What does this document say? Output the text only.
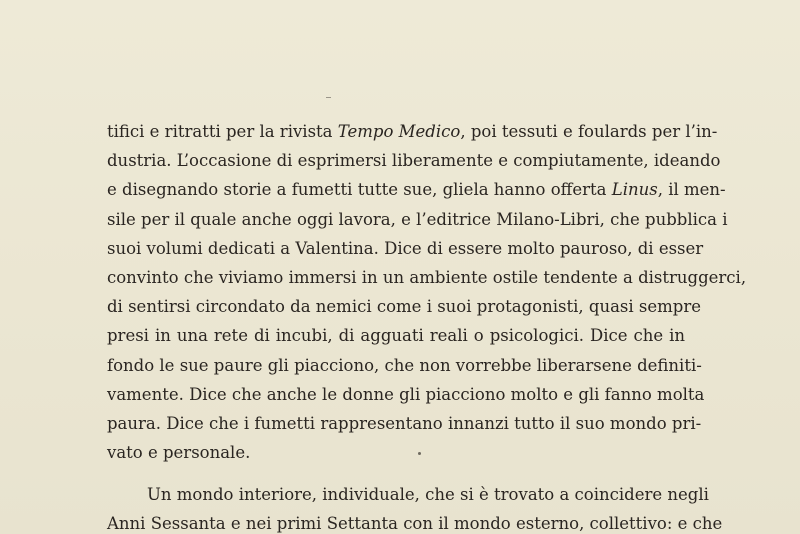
tifici e ritratti per la rivista Tempo Medico, poi tessuti e foulards per l’in-
dustria. L’occasione di esprimersi liberamente e compiutamente, ideando
e disegnando storie a fumetti tutte sue, gliela hanno offerta Linus, il men-
sile per il quale anche oggi lavora, e l’editrice Milano-Libri, che pubblica i
suoi volumi dedicati a Valentina. Dice di essere molto pauroso, di esser
convinto che viviamo immersi in un ambiente ostile tendente a distruggerci,
di sentirsi circondato da nemici come i suoi protagonisti, quasi sempre
presi in una rete di incubi, di agguati reali o psicologici. Dice che in
fondo le sue paure gli piacciono, che non vorrebbe liberarsene definiti-
vamente. Dice che anche le donne gli piacciono molto e gli fanno molta
paura. Dice che i fumetti rappresentano innanzi tutto il suo mondo pri-
vato e personale.
Un mondo interiore, individuale, che si è trovato a coincidere negli
Anni Sessanta e nei primi Settanta con il mondo esterno, collettivo: e che
